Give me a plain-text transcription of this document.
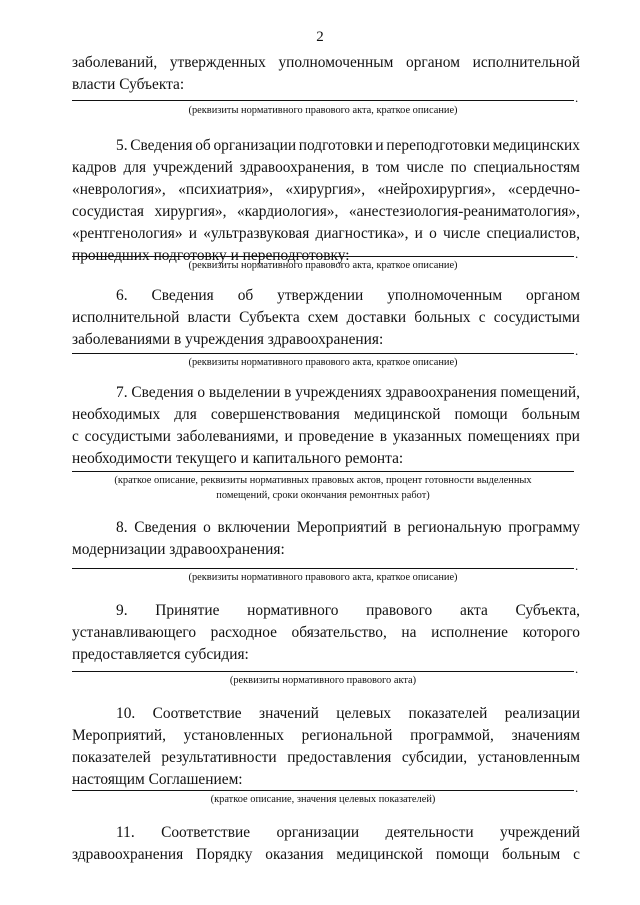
2
заболеваний, утвержденных уполномоченным органом исполнительной
власти Субъекта:
.
(реквизиты нормативного правового акта, краткое описание)
5. Сведения об организации подготовки и переподготовки медицинских
кадров для учреждений здравоохранения, в том числе по специальностям
«неврология», «психиатрия», «хирургия», «нейрохирургия», «сердечно-
сосудистая хирургия», «кардиология», «анестезиология-реаниматология»,
«рентгенология» и «ультразвуковая диагностика», и о числе специалистов,
прошедших подготовку и переподготовку:	.
(реквизиты нормативного правового акта, краткое описание)
6. Сведения об утверждении уполномоченным органом
исполнительной власти Субъекта схем доставки больных с сосудистыми
заболеваниями в учреждения здравоохранения:
.
(реквизиты нормативного правового акта, краткое описание)
7. Сведения о выделении в учреждениях здравоохранения помещений,
необходимых для совершенствования медицинской помощи больным
с сосудистыми заболеваниями, и проведение в указанных помещениях при
необходимости текущего и капитального ремонта:
(краткое описание, реквизиты нормативных правовых актов, процент готовности выделенных
помещений, сроки окончания ремонтных работ)
8. Сведения о включении Мероприятий в региональную программу
модернизации здравоохранения:
.
(реквизиты нормативного правового акта, краткое описание)
9. Принятие нормативного правового акта Субъекта,
устанавливающего расходное обязательство, на исполнение которого
предоставляется субсидия:
.
(реквизиты нормативного правового акта)
10. Соответствие значений целевых показателей реализации
Мероприятий, установленных региональной программой, значениям
показателей результативности предоставления субсидии, установленным
настоящим Соглашением:	.
(краткое описание, значения целевых показателей)
11. Соответствие организации деятельности учреждений
здравоохранения Порядку оказания медицинской помощи больным с
